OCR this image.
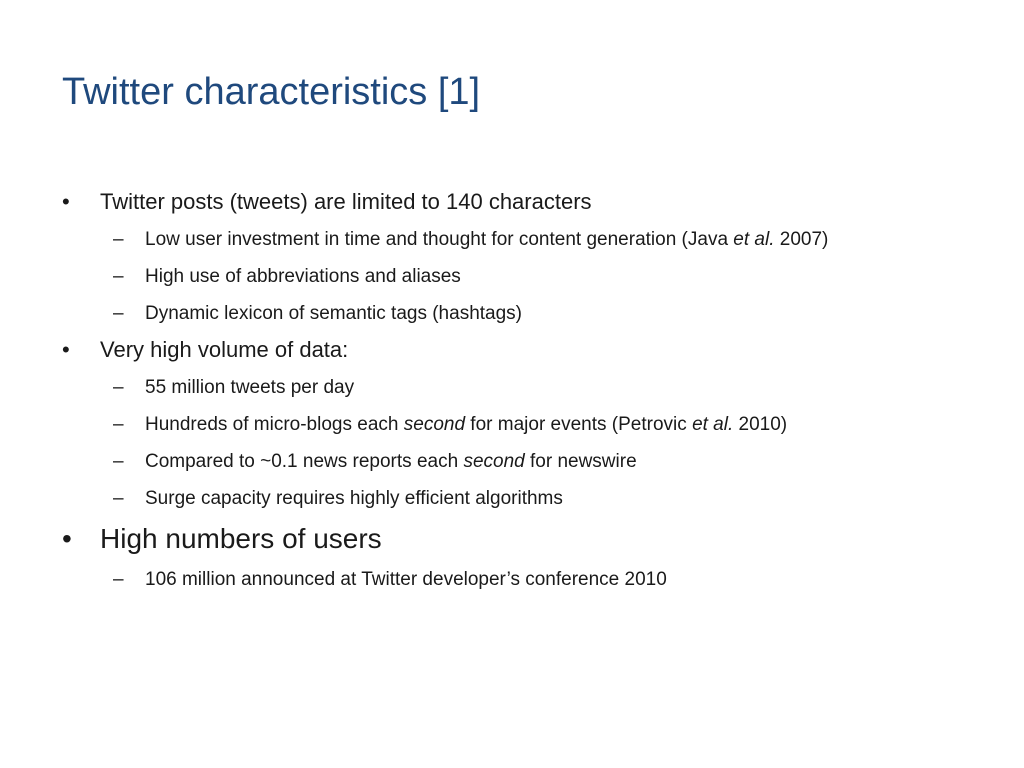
Twitter characteristics [1]
•	Twitter posts (tweets) are limited to 140 characters
–	Low user investment in time and thought for content generation (Java et al. 2007)
–	High use of abbreviations and aliases
–	Dynamic lexicon of semantic tags (hashtags)
•	Very high volume of data:
–	55 million tweets per day
–	Hundreds of micro-blogs each second for major events (Petrovic et al. 2010)
–	Compared to ~0.1 news reports each second for newswire
–	Surge capacity requires highly efficient algorithms
•	High numbers of users
–	106 million announced at Twitter developer’s conference 2010
